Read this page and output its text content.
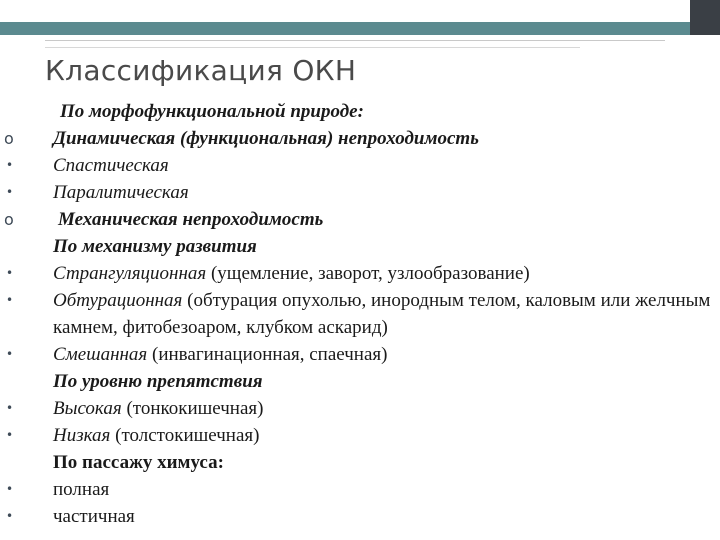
Классификация ОКН
По морфофункциональной природе:
o	Динамическая (функциональная) непроходимость
•	Спастическая
•	Паралитическая
o	Механическая непроходимость
По механизму развития
•	Странгуляционная (ущемление, заворот, узлообразование)
•	Обтурационная (обтурация опухолью, инородным телом, каловым или желчным камнем, фитобезоаром, клубком аскарид)
•	Смешанная (инвагинационная, спаечная)
По уровню препятствия
•	Высокая (тонкокишечная)
•	Низкая (толстокишечная)
По пассажу химуса:
•	полная
•	частичная
